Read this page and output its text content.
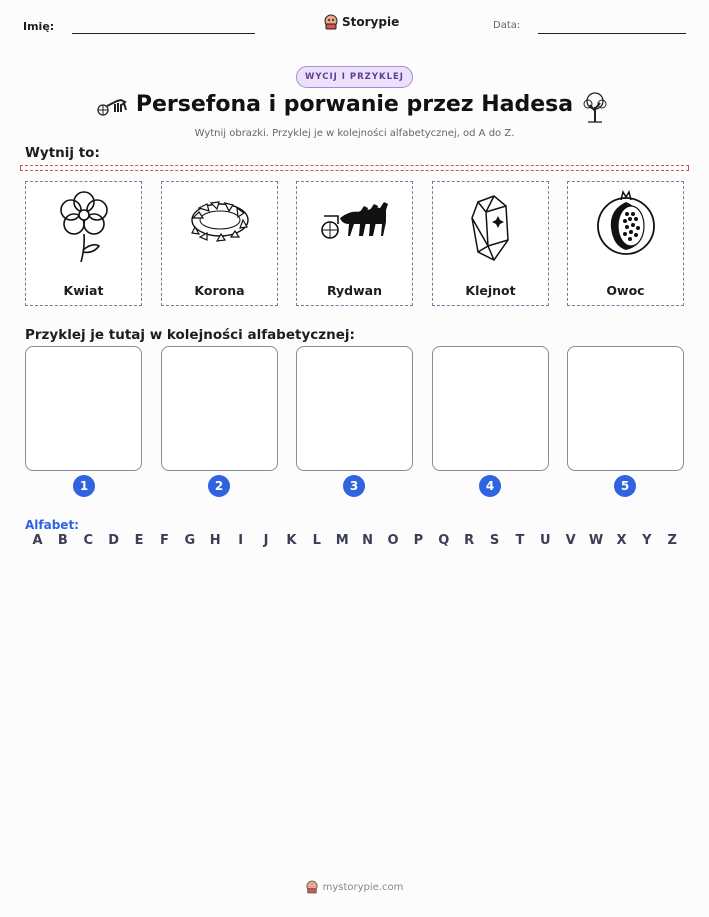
Imię:	Storypie	Data:
WYCIJ I PRZYKLEJ
Persefona i porwanie przez Hadesa
Wytnij obrazki. Przyklej je w kolejności alfabetycznej, od A do Z.
Wytnij to:
Kwiat	Korona	Rydwan	Klejnot	Owoc
Przyklej je tutaj w kolejności alfabetycznej:
1	2	3	4	5
Alfabet:
A	B	C	D	E	F	G	H	I	J	K	L	M	N	O	P	Q	R	S	T	U	V	W	X	Y	Z
mystorypie.com
